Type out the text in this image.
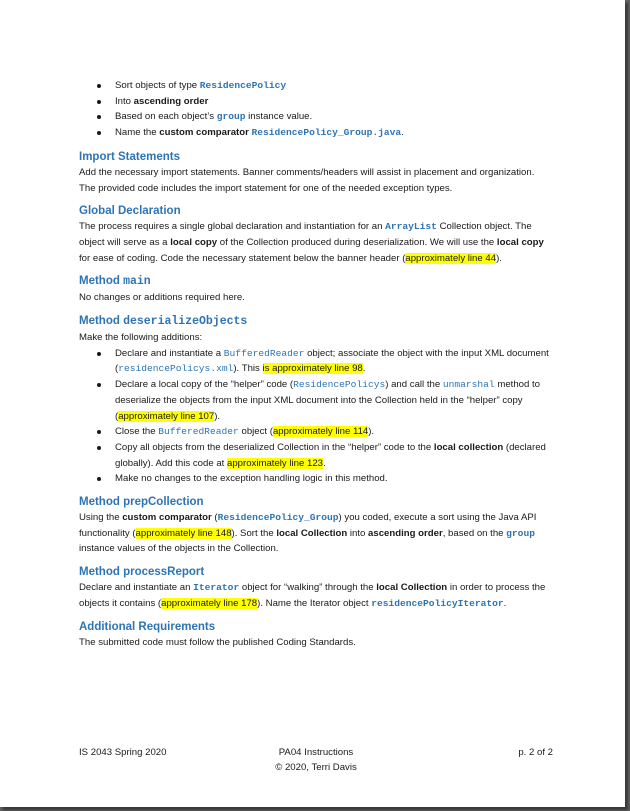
Sort objects of type ResidencePolicy
Into ascending order
Based on each object’s group instance value.
Name the custom comparator ResidencePolicy_Group.java.
Import Statements

Add the necessary import statements. Banner comments/headers will assist in placement and organization. The provided code includes the import statement for one of the needed exception types.

Global Declaration

The process requires a single global declaration and instantiation for an ArrayList Collection object. The object will serve as a local copy of the Collection produced during deserialization. We will use the local copy for ease of coding. Code the necessary statement below the banner header (approximately line 44).

Method main

No changes or additions required here.

Method deserializeObjects

Make the following additions:

Declare and instantiate a BufferedReader object; associate the object with the input XML document (residencePolicys.xml). This is approximately line 98.
Declare a local copy of the “helper” code (ResidencePolicys) and call the unmarshal method to deserialize the objects from the input XML document into the Collection held in the “helper” copy (approximately line 107).
Close the BufferedReader object (approximately line 114).
Copy all objects from the deserialized Collection in the “helper” code to the local collection (declared globally). Add this code at approximately line 123.
Make no changes to the exception handling logic in this method.
Method prepCollection

Using the custom comparator (ResidencePolicy_Group) you coded, execute a sort using the Java API functionality (approximately line 148). Sort the local Collection into ascending order, based on the group instance values of the objects in the Collection.

Method processReport

Declare and instantiate an Iterator object for “walking” through the local Collection in order to process the objects it contains (approximately line 178). Name the Iterator object residencePolicyIterator.

Additional Requirements

The submitted code must follow the published Coding Standards.

IS 2043 Spring 2020	PA04 Instructions
© 2020, Terri Davis
p. 2 of 2
